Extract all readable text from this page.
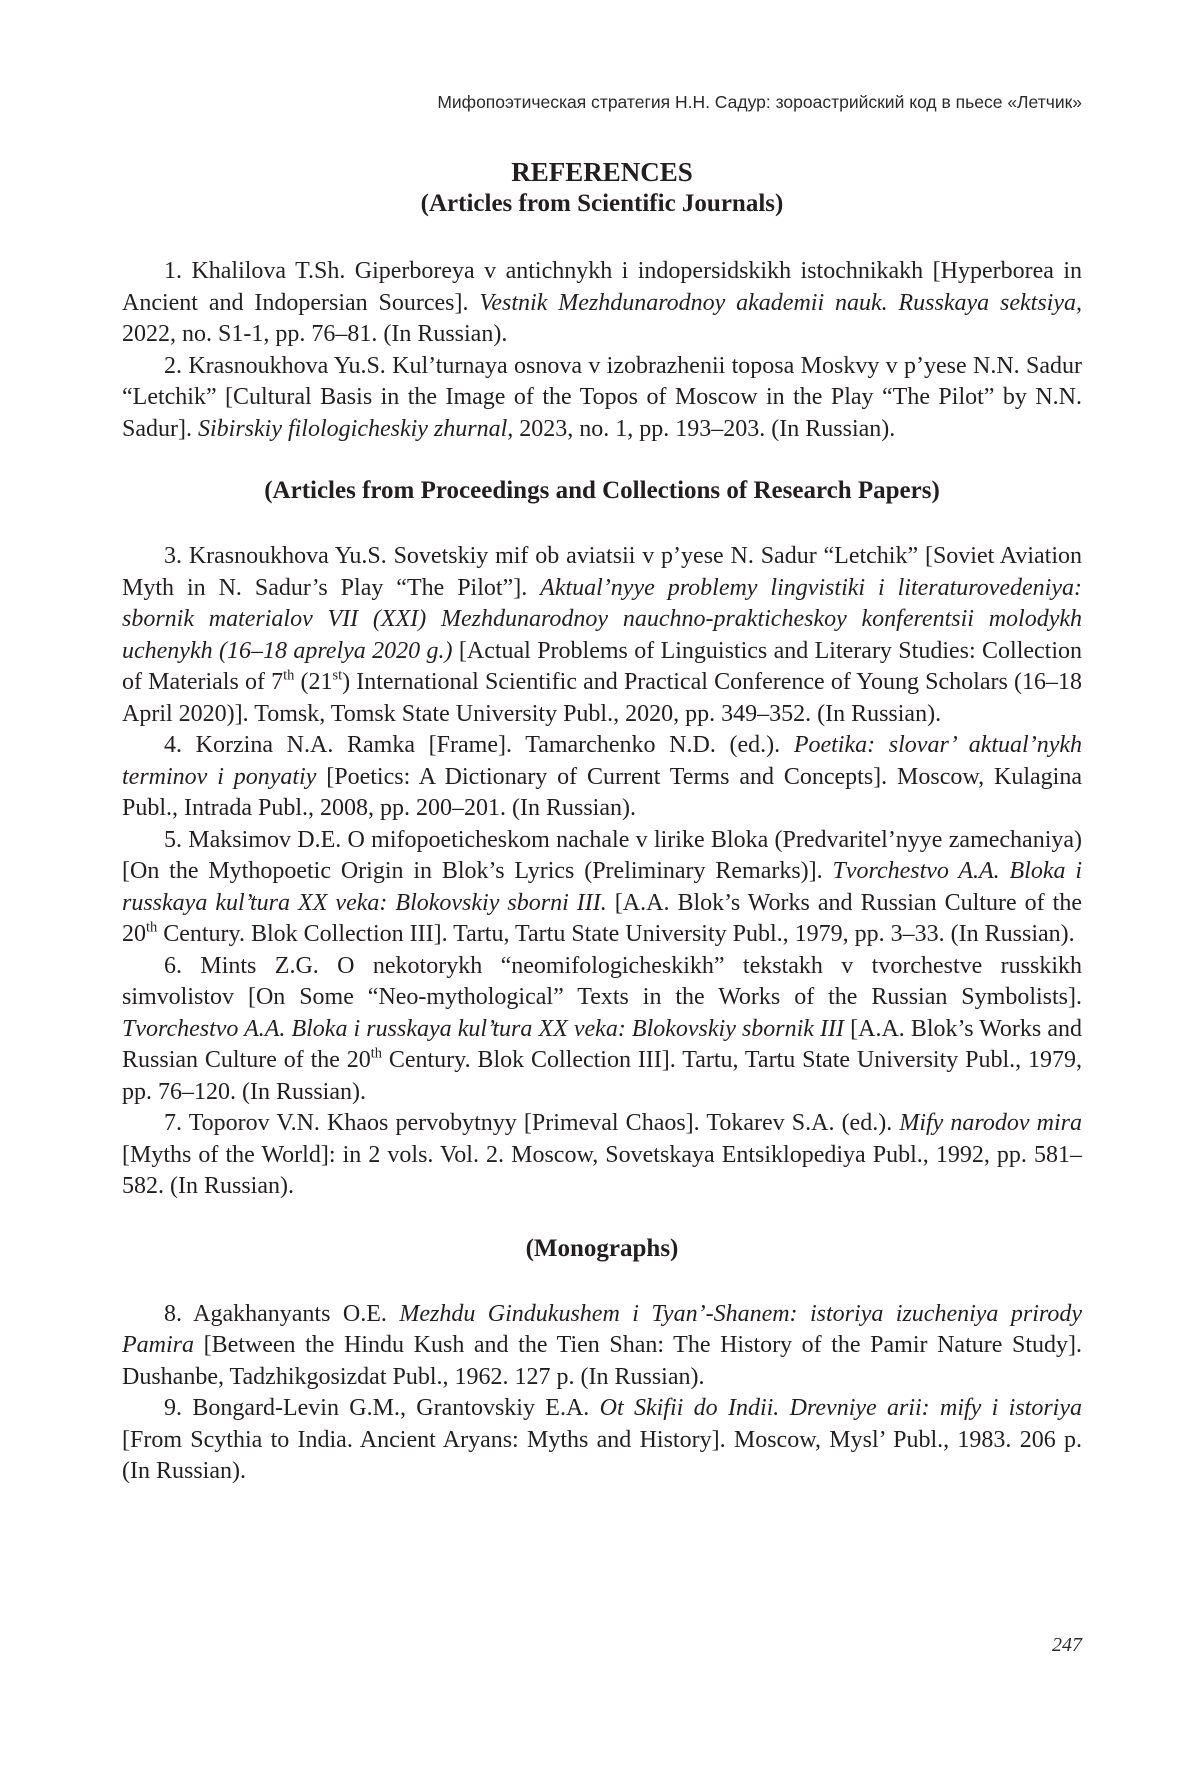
Мифопоэтическая стратегия Н.Н. Садур: зороастрийский код в пьесе «Летчик»
REFERENCES
(Articles from Scientific Journals)

1. Khalilova T.Sh. Giperboreya v antichnykh i indopersidskikh istochnikakh [Hyperborea in Ancient and Indopersian Sources]. Vestnik Mezhdunarodnoy akademii nauk. Russkaya sektsiya, 2022, no. S1-1, pp. 76–81. (In Russian).

2. Krasnoukhova Yu.S. Kul’turnaya osnova v izobrazhenii toposa Moskvy v p’yese N.N. Sadur “Letchik” [Cultural Basis in the Image of the Topos of Moscow in the Play “The Pilot” by N.N. Sadur]. Sibirskiy filologicheskiy zhurnal, 2023, no. 1, pp. 193–203. (In Russian).

(Articles from Proceedings and Collections of Research Papers)

3. Krasnoukhova Yu.S. Sovetskiy mif ob aviatsii v p’yese N. Sadur “Letchik” [Soviet Aviation Myth in N. Sadur’s Play “The Pilot”]. Aktual’nyye problemy lingvistiki i literaturovedeniya: sbornik materialov VII (XXI) Mezhdunarodnoy nauchno-prakticheskoy konferentsii molodykh uchenykh (16–18 aprelya 2020 g.) [Actual Problems of Linguistics and Literary Studies: Collection of Materials of 7th (21st) International Scientific and Practical Conference of Young Scholars (16–18 April 2020)]. Tomsk, Tomsk State University Publ., 2020, pp. 349–352. (In Russian).

4. Korzina N.A. Ramka [Frame]. Tamarchenko N.D. (ed.). Poetika: slovar’ aktual’nykh terminov i ponyatiy [Poetics: A Dictionary of Current Terms and Concepts]. Moscow, Kulagina Publ., Intrada Publ., 2008, pp. 200–201. (In Russian).

5. Maksimov D.E. O mifopoeticheskom nachale v lirike Bloka (Predvaritel’nyye zamechaniya) [On the Mythopoetic Origin in Blok’s Lyrics (Preliminary Remarks)]. Tvorchestvo A.A. Bloka i russkaya kul’tura XX veka: Blokovskiy sborni III. [A.A. Blok’s Works and Russian Culture of the 20th Century. Blok Collection III]. Tartu, Tartu State University Publ., 1979, pp. 3–33. (In Russian).

6. Mints Z.G. O nekotorykh “neomifologicheskikh” tekstakh v tvorchestve russkikh simvolistov [On Some “Neo-mythological” Texts in the Works of the Russian Symbolists]. Tvorchestvo A.A. Bloka i russkaya kul’tura XX veka: Blokovskiy sbornik III [A.A. Blok’s Works and Russian Culture of the 20th Century. Blok Collection III]. Tartu, Tartu State University Publ., 1979, pp. 76–120. (In Russian).

7. Toporov V.N. Khaos pervobytnyy [Primeval Chaos]. Tokarev S.A. (ed.). Mify narodov mira [Myths of the World]: in 2 vols. Vol. 2. Moscow, Sovetskaya Entsiklopediya Publ., 1992, pp. 581–582. (In Russian).

(Monographs)

8. Agakhanyants O.E. Mezhdu Gindukushem i Tyan’-Shanem: istoriya izucheniya prirody Pamira [Between the Hindu Kush and the Tien Shan: The History of the Pamir Nature Study]. Dushanbe, Tadzhikgosizdat Publ., 1962. 127 p. (In Russian).

9. Bongard-Levin G.M., Grantovskiy E.A. Ot Skifii do Indii. Drevniye arii: mify i istoriya [From Scythia to India. Ancient Aryans: Myths and History]. Moscow, Mysl’ Publ., 1983. 206 p. (In Russian).

247
